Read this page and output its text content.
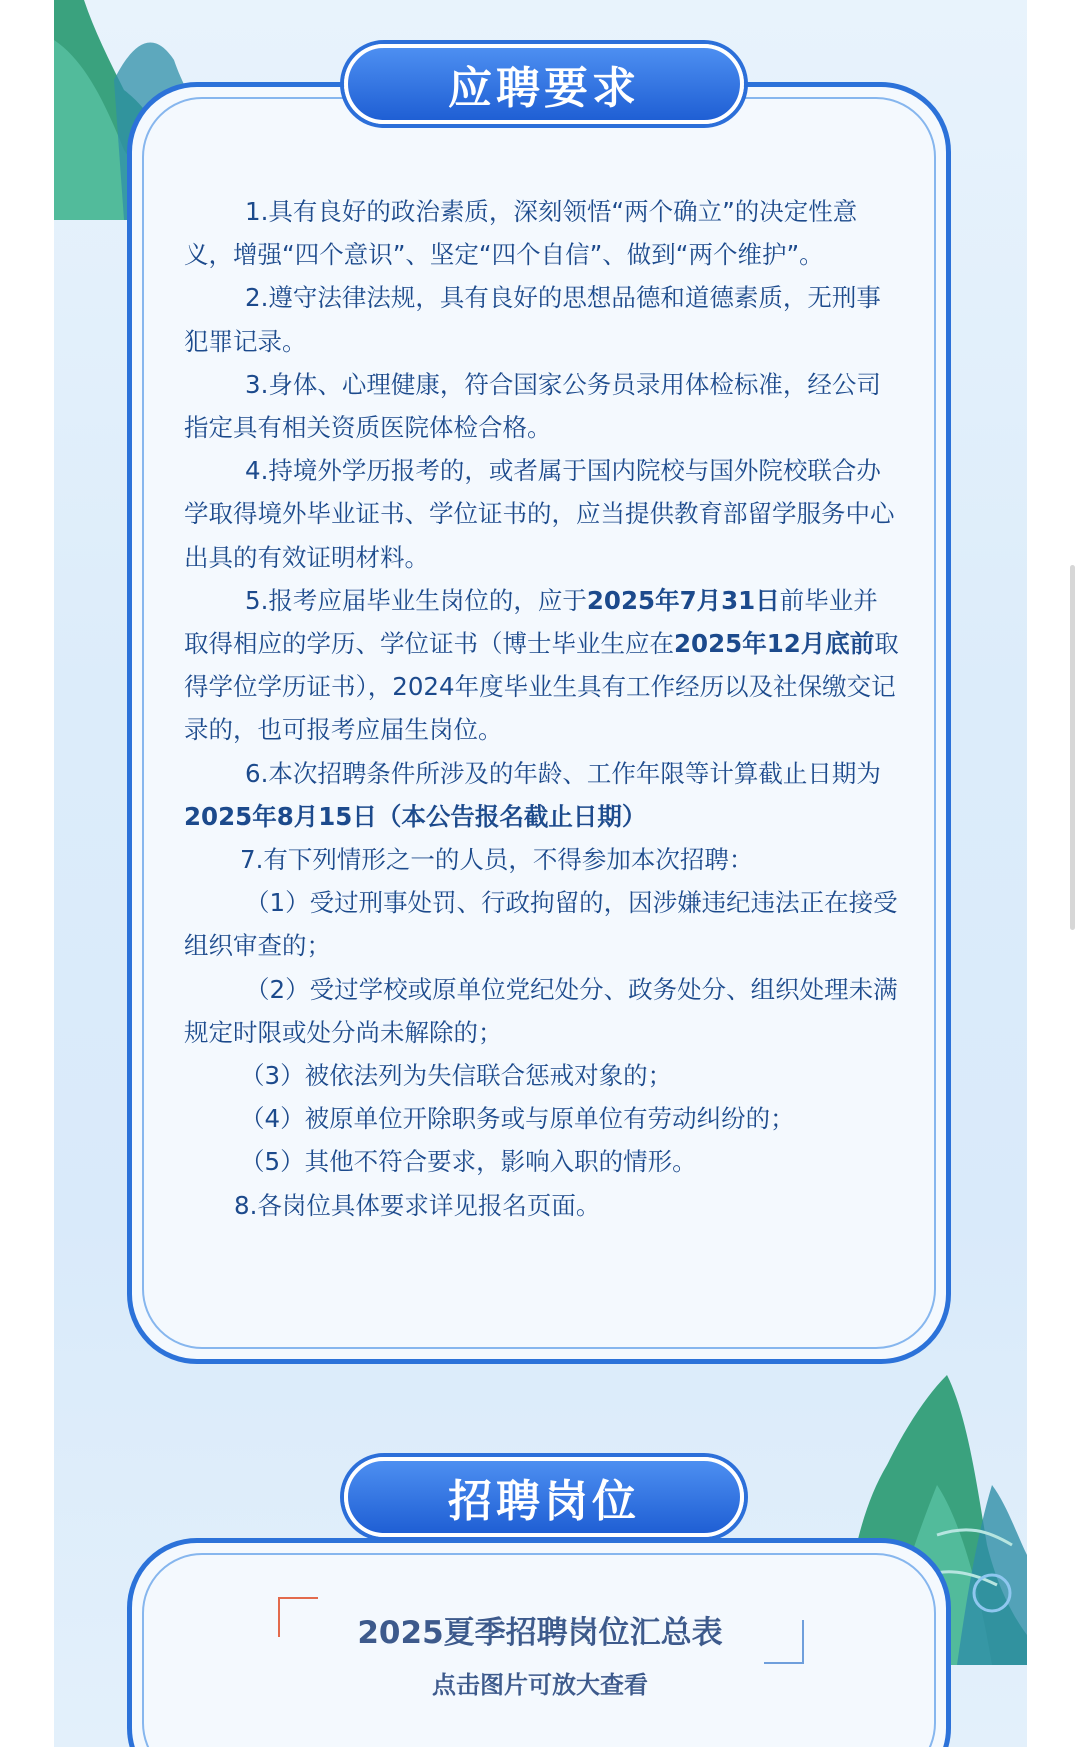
应聘要求
招聘岗位

1.具有良好的政治素质，深刻领悟“两个确立”的决定性意义，增强“四个意识”、坚定“四个自信”、做到“两个维护”。

2.遵守法律法规，具有良好的思想品德和道德素质，无刑事犯罪记录。

3.身体、心理健康，符合国家公务员录用体检标准，经公司指定具有相关资质医院体检合格。

4.持境外学历报考的，或者属于国内院校与国外院校联合办学取得境外毕业证书、学位证书的，应当提供教育部留学服务中心出具的有效证明材料。

5.报考应届毕业生岗位的，应于2025年7月31日前毕业并取得相应的学历、学位证书（博士毕业生应在2025年12月底前取得学位学历证书），2024年度毕业生具有工作经历以及社保缴交记录的，也可报考应届生岗位。

6.本次招聘条件所涉及的年龄、工作年限等计算截止日期为2025年8月15日（本公告报名截止日期）

7.有下列情形之一的人员，不得参加本次招聘：

（1）受过刑事处罚、行政拘留的，因涉嫌违纪违法正在接受组织审查的；

（2）受过学校或原单位党纪处分、政务处分、组织处理未满规定时限或处分尚未解除的；

（3）被依法列为失信联合惩戒对象的；

（4）被原单位开除职务或与原单位有劳动纠纷的；

（5）其他不符合要求，影响入职的情形。

8.各岗位具体要求详见报名页面。

2025夏季招聘岗位汇总表
点击图片可放大查看
